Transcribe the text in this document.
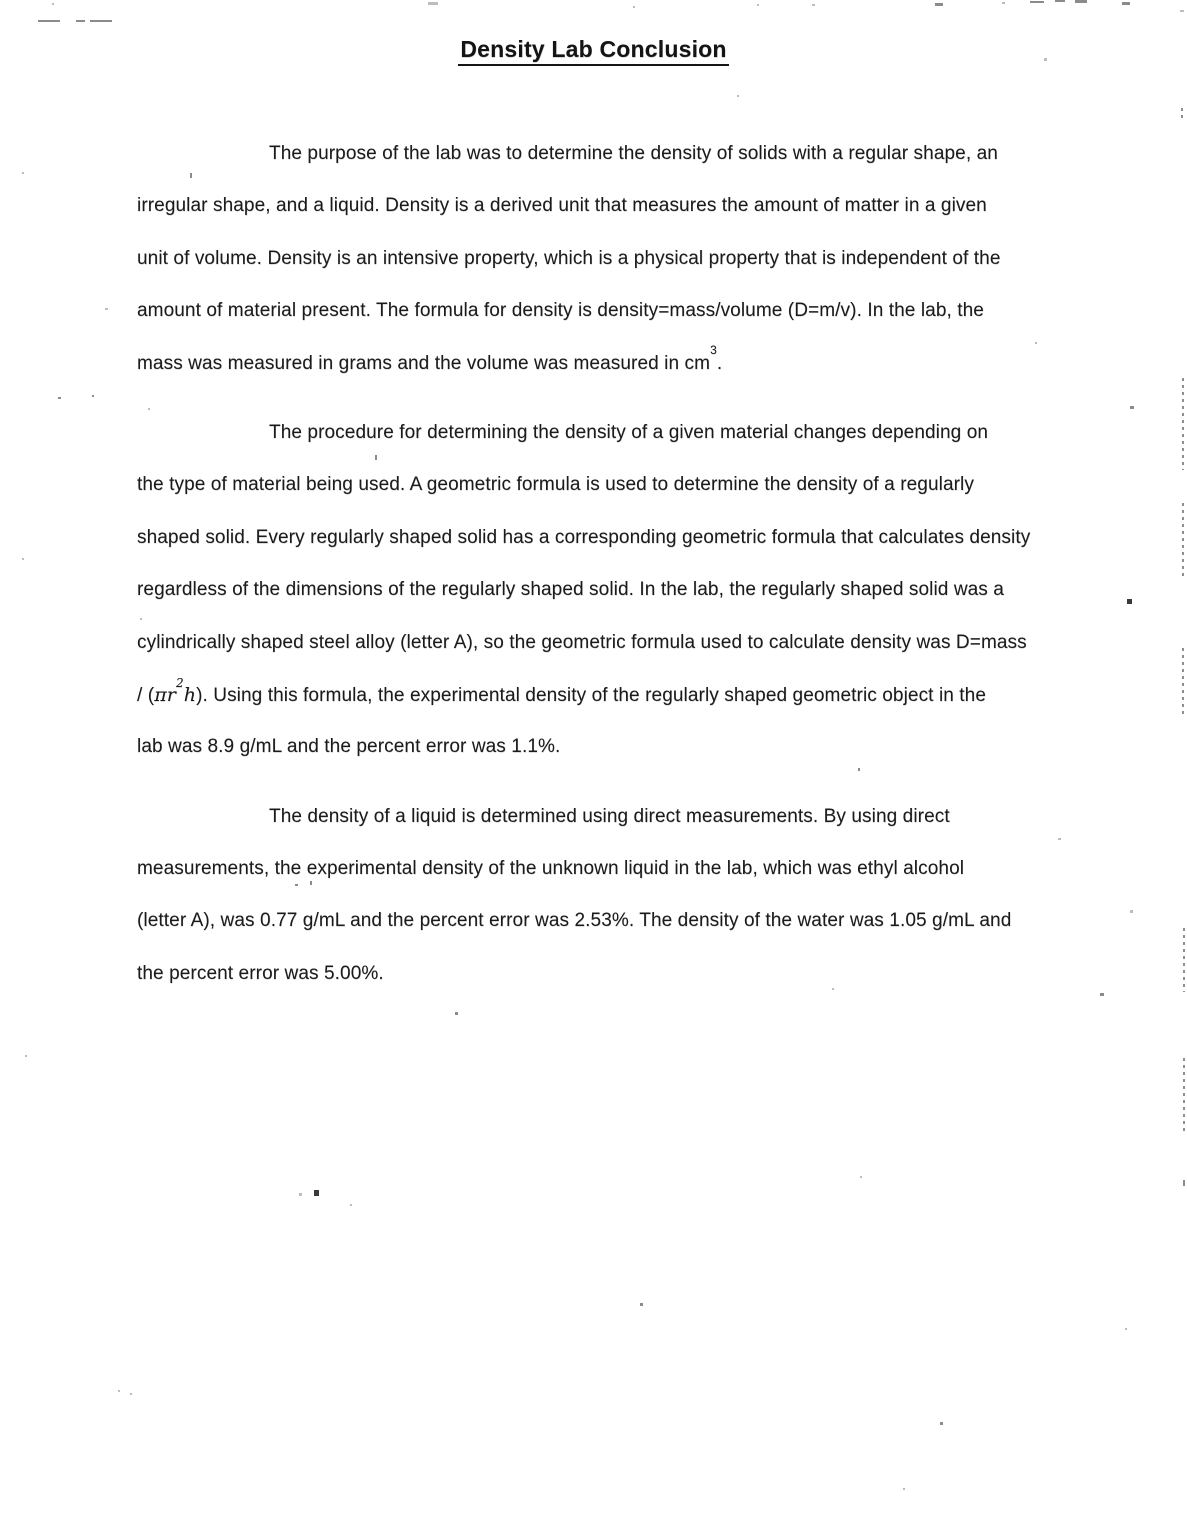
Density Lab Conclusion
The purpose of the lab was to determine the density of solids with a regular shape, an
irregular shape, and a liquid. Density is a derived unit that measures the amount of matter in a given
unit of volume. Density is an intensive property, which is a physical property that is independent of the
amount of material present. The formula for density is density=mass/volume (D=m/v). In the lab, the
mass was measured in grams and the volume was measured in $cm^3$.
The procedure for determining the density of a given material changes depending on
the type of material being used. A geometric formula is used to determine the density of a regularly
shaped solid. Every regularly shaped solid has a corresponding geometric formula that calculates density
regardless of the dimensions of the regularly shaped solid. In the lab, the regularly shaped solid was a
cylindrically shaped steel alloy (letter A), so the geometric formula used to calculate density was D=mass
/ $(\pi r^2h)$. Using this formula, the experimental density of the regularly shaped geometric object in the
lab was 8.9 g/mL and the percent error was 1.1%.
The density of a liquid is determined using direct measurements. By using direct
measurements, the experimental density of the unknown liquid in the lab, which was ethyl alcohol
(letter A), was 0.77 g/mL and the percent error was 2.53%. The density of the water was 1.05 g/mL and
the percent error was 5.00%.
